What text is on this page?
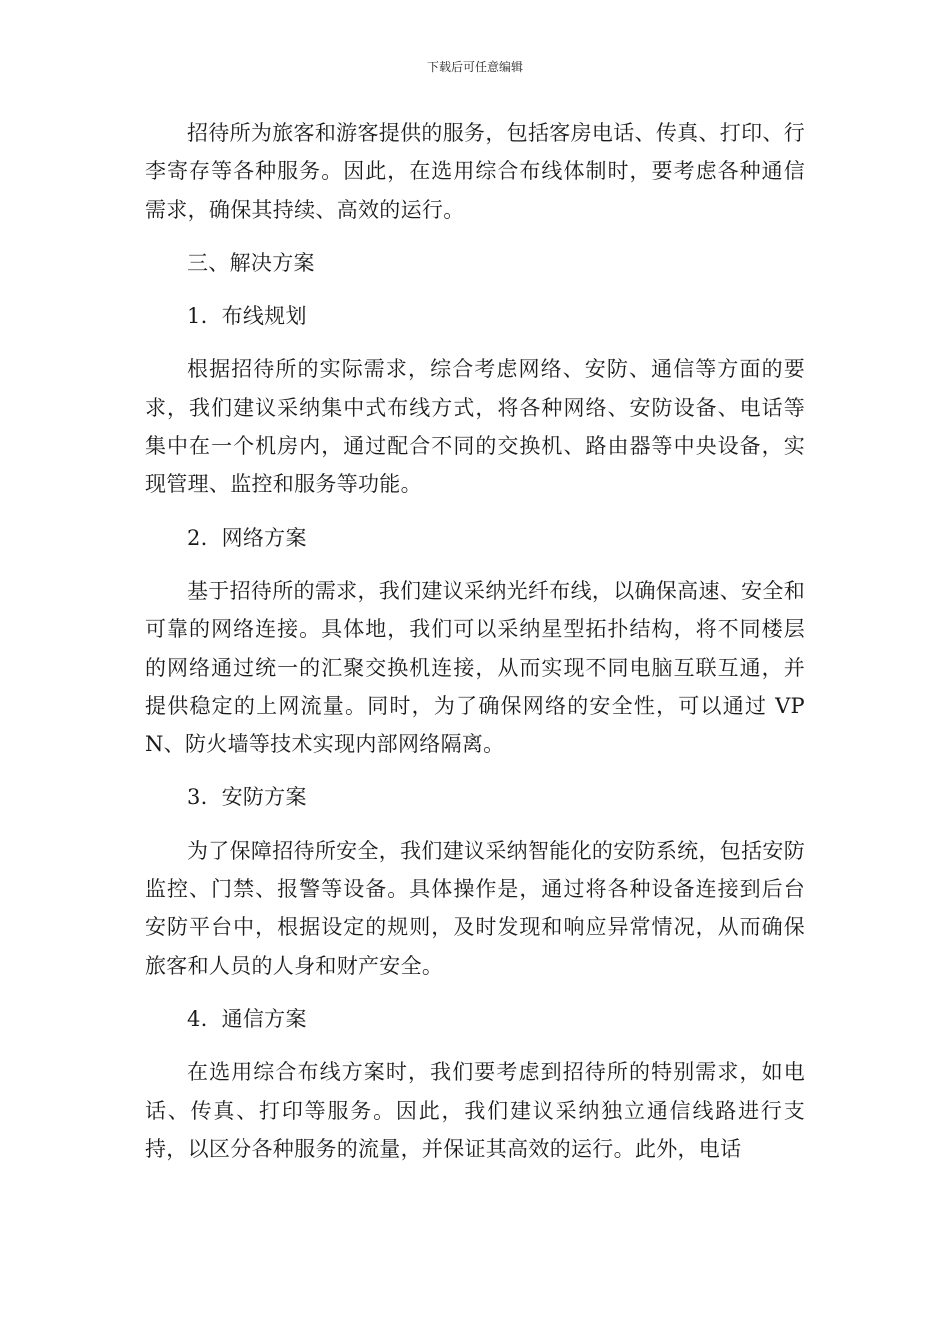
下载后可任意编辑

招待所为旅客和游客提供的服务，包括客房电话、传真、打印、行李寄存等各种服务。因此，在选用综合布线体制时，要考虑各种通信需求，确保其持续、高效的运行。

三、解决方案

1.  布线规划

根据招待所的实际需求，综合考虑网络、安防、通信等方面的要求，我们建议采纳集中式布线方式，将各种网络、安防设备、电话等集中在一个机房内，通过配合不同的交换机、路由器等中央设备，实现管理、监控和服务等功能。

2.  网络方案

基于招待所的需求，我们建议采纳光纤布线，以确保高速、安全和可靠的网络连接。具体地，我们可以采纳星型拓扑结构，将不同楼层的网络通过统一的汇聚交换机连接，从而实现不同电脑互联互通，并提供稳定的上网流量。同时，为了确保网络的安全性，可以通过 VPN、防火墙等技术实现内部网络隔离。

3.  安防方案

为了保障招待所安全，我们建议采纳智能化的安防系统，包括安防监控、门禁、报警等设备。具体操作是，通过将各种设备连接到后台安防平台中，根据设定的规则，及时发现和响应异常情况，从而确保旅客和人员的人身和财产安全。

4.  通信方案

在选用综合布线方案时，我们要考虑到招待所的特别需求，如电话、传真、打印等服务。因此，我们建议采纳独立通信线路进行支持，以区分各种服务的流量，并保证其高效的运行。此外，电话
